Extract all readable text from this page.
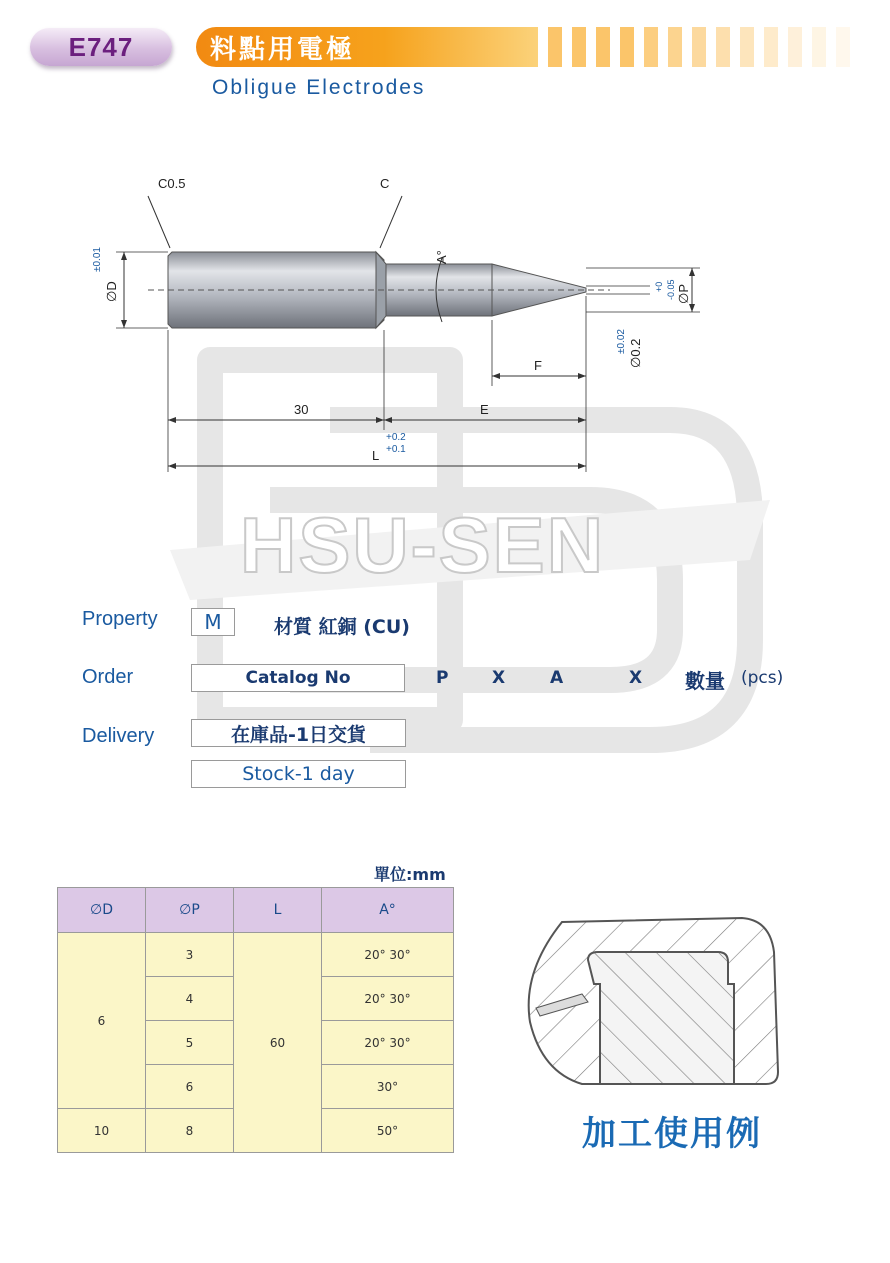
E747	料點用電極
Obligue Electrodes
HSU-SEN
C0.5	C
30	E
F
L
+0.2
+0.1
A°
∅D
±0.01
∅P
+0 -0.05
∅0.2
±0.02
Property	M	材質 紅銅 (CU)
Order	Catalog No	P	X	A	X 數量 (pcs)
Delivery	在庫品-1日交貨
Stock-1 day
單位:mm
∅D	∅P	L	A°
6	3	60	20° 30°
	4		20° 30°
	5		20° 30°
	6		30°
10	8		50°	加工使用例
